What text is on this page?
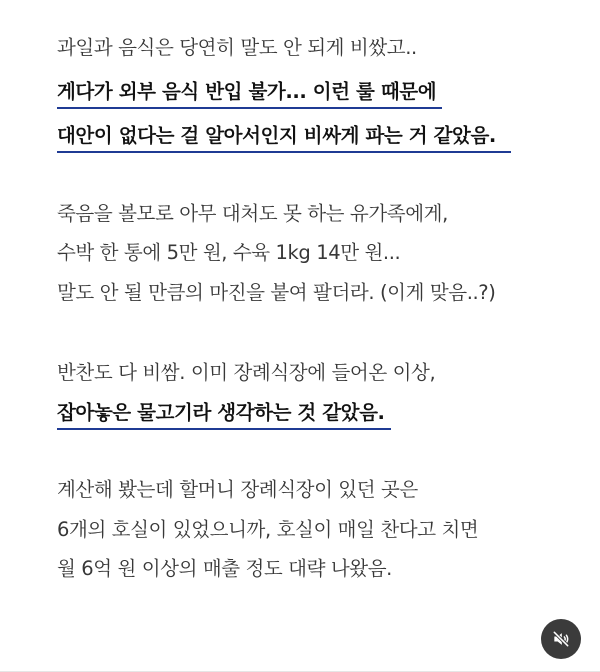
과일과 음식은 당연히 말도 안 되게 비쌌고..
게다가 외부 음식 반입 불가... 이런 룰 때문에
대안이 없다는 걸 알아서인지 비싸게 파는 거 같았음.
죽음을 볼모로 아무 대처도 못 하는 유가족에게,
수박 한 통에 5만 원, 수육 1kg 14만 원...
말도 안 될 만큼의 마진을 붙여 팔더라. (이게 맞음..?)
반찬도 다 비쌈. 이미 장례식장에 들어온 이상,
잡아놓은 물고기라 생각하는 것 같았음.
계산해 봤는데 할머니 장례식장이 있던 곳은
6개의 호실이 있었으니까, 호실이 매일 찬다고 치면
월 6억 원 이상의 매출 정도 대략 나왔음.
